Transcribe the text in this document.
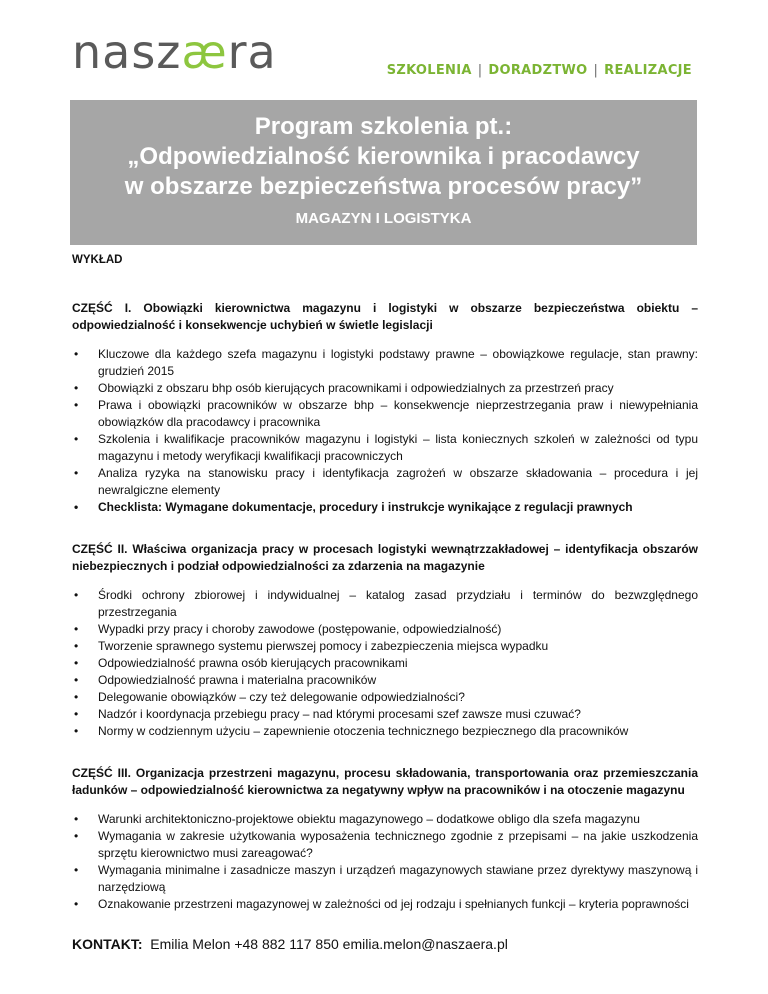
naszæra	SZKOLENIA | DORADZTWO | REALIZACJE
Program szkolenia pt.:
„Odpowiedzialność kierownika i pracodawcy
w obszarze bezpieczeństwa procesów pracy”
MAGAZYN I LOGISTYKA
WYKŁAD
CZĘŚĆ I. Obowiązki kierownictwa magazynu i logistyki w obszarze bezpieczeństwa obiektu – odpowiedzialność i konsekwencje uchybień w świetle legislacji
• Kluczowe dla każdego szefa magazynu i logistyki podstawy prawne – obowiązkowe regulacje, stan prawny: grudzień 2015
• Obowiązki z obszaru bhp osób kierujących pracownikami i odpowiedzialnych za przestrzeń pracy
• Prawa i obowiązki pracowników w obszarze bhp – konsekwencje nieprzestrzegania praw i niewypełniania obowiązków dla pracodawcy i pracownika
• Szkolenia i kwalifikacje pracowników magazynu i logistyki – lista koniecznych szkoleń w zależności od typu magazynu i metody weryfikacji kwalifikacji pracowniczych
• Analiza ryzyka na stanowisku pracy i identyfikacja zagrożeń w obszarze składowania – procedura i jej newralgiczne elementy
• Checklista: Wymagane dokumentacje, procedury i instrukcje wynikające z regulacji prawnych
CZĘŚĆ II. Właściwa organizacja pracy w procesach logistyki wewnątrzzakładowej – identyfikacja obszarów niebezpiecznych i podział odpowiedzialności za zdarzenia na magazynie
• Środki ochrony zbiorowej i indywidualnej – katalog zasad przydziału i terminów do bezwzględnego przestrzegania
• Wypadki przy pracy i choroby zawodowe (postępowanie, odpowiedzialność)
• Tworzenie sprawnego systemu pierwszej pomocy i zabezpieczenia miejsca wypadku
• Odpowiedzialność prawna osób kierujących pracownikami
• Odpowiedzialność prawna i materialna pracowników
• Delegowanie obowiązków – czy też delegowanie odpowiedzialności?
• Nadzór i koordynacja przebiegu pracy – nad którymi procesami szef zawsze musi czuwać?
• Normy w codziennym użyciu – zapewnienie otoczenia technicznego bezpiecznego dla pracowników
CZĘŚĆ III. Organizacja przestrzeni magazynu, procesu składowania, transportowania oraz przemieszczania ładunków – odpowiedzialność kierownictwa za negatywny wpływ na pracowników i na otoczenie magazynu
• Warunki architektoniczno-projektowe obiektu magazynowego – dodatkowe obligo dla szefa magazynu
• Wymagania w zakresie użytkowania wyposażenia technicznego zgodnie z przepisami – na jakie uszkodzenia sprzętu kierownictwo musi zareagować?
• Wymagania minimalne i zasadnicze maszyn i urządzeń magazynowych stawiane przez dyrektywy maszynową i narzędziową
• Oznakowanie przestrzeni magazynowej w zależności od jej rodzaju i spełnianych funkcji – kryteria poprawności
KONTAKT: Emilia Melon +48 882 117 850 emilia.melon@naszaera.pl
